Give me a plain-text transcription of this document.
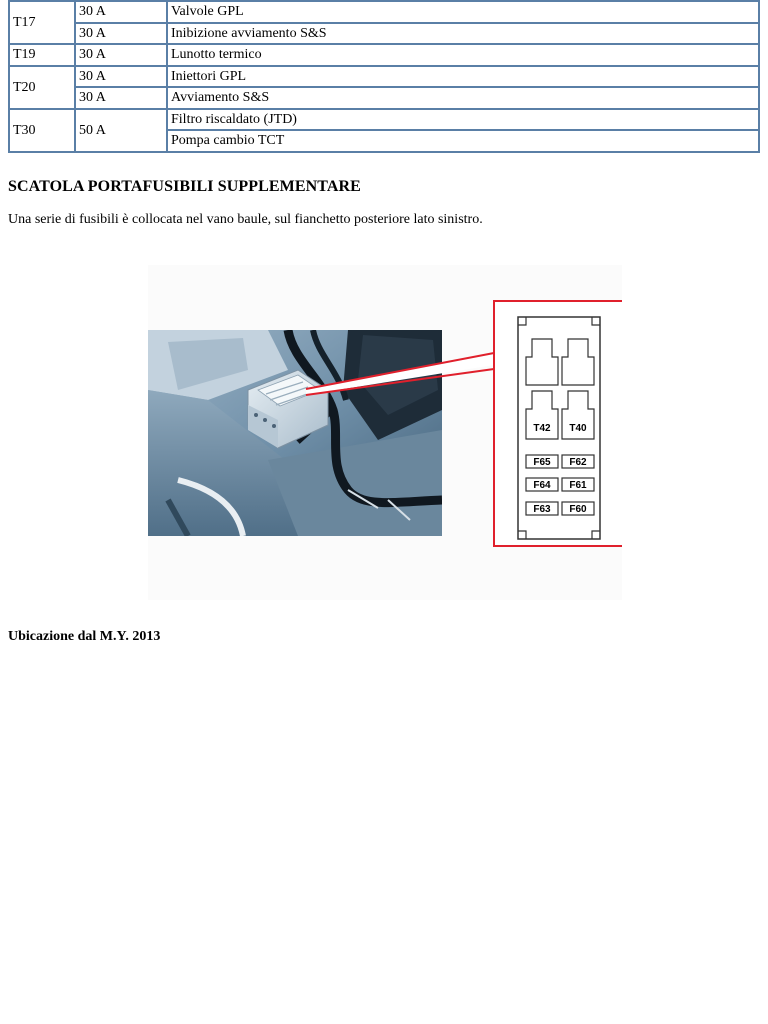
T17	30 A	Valvole GPL
	30 A	Inibizione avviamento S&S
T19	30 A	Lunotto termico
T20	30 A	Iniettori GPL
	30 A	Avviamento S&S
T30	50 A	Filtro riscaldato (JTD)
		Pompa cambio TCT
SCATOLA PORTAFUSIBILI SUPPLEMENTARE

Una serie di fusibili è collocata nel vano baule, sul fianchetto posteriore lato sinistro.

T42 T40
F65 F62
F64 F61
F63 F60

Ubicazione dal M.Y. 2013
